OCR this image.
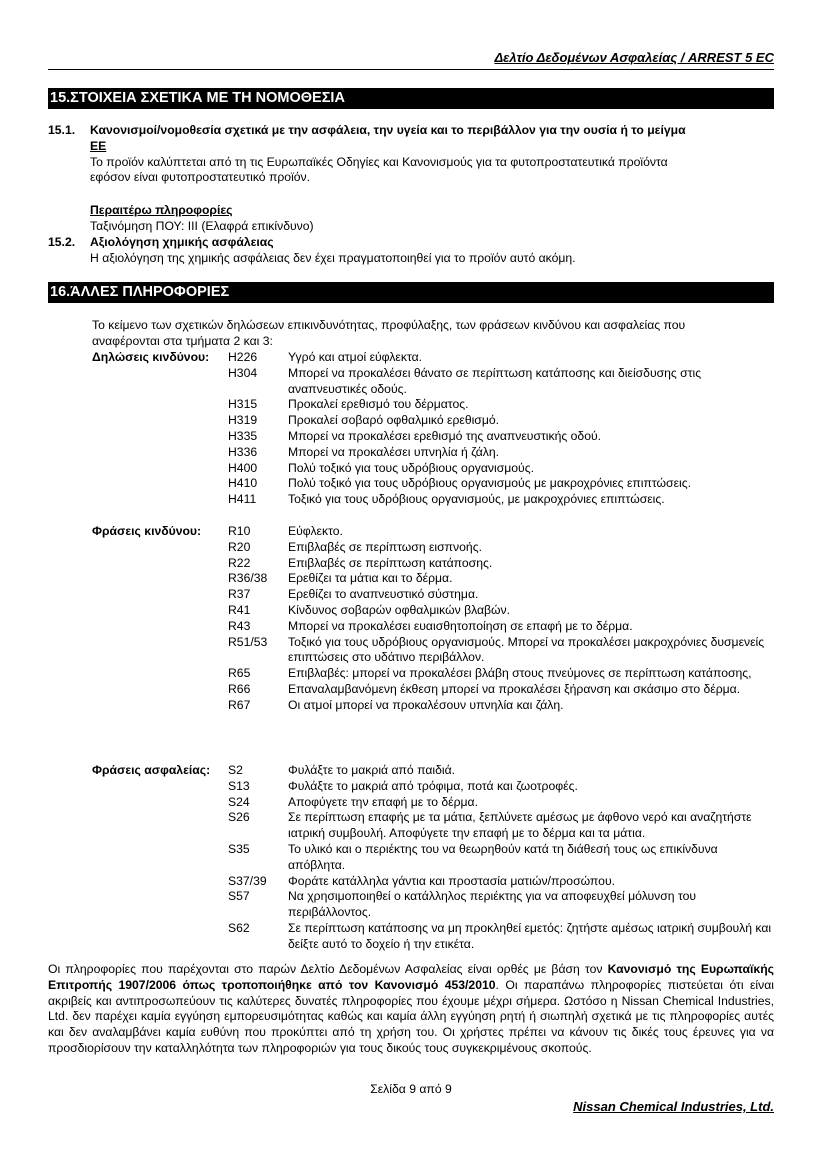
Δελτίο Δεδομένων Ασφαλείας / ARREST 5 EC
15.ΣΤΟΙΧΕΙΑ ΣΧΕΤΙΚΑ ΜΕ ΤΗ ΝΟΜΟΘΕΣΙΑ
15.1. Κανονισμοί/νομοθεσία σχετικά με την ασφάλεια, την υγεία και το περιβάλλον για την ουσία ή το μείγμα
ΕΕ
Το προϊόν καλύπτεται από τη τις Ευρωπαϊκές Οδηγίες και Κανονισμούς για τα φυτοπροστατευτικά προϊόντα
εφόσον είναι φυτοπροστατευτικό προϊόν.
Περαιτέρω πληροφορίες
Ταξινόμηση ΠΟΥ: III (Ελαφρά επικίνδυνο)
15.2. Αξιολόγηση χημικής ασφάλειας
Η αξιολόγηση της χημικής ασφάλειας δεν έχει πραγματοποιηθεί για το προϊόν αυτό ακόμη.
16.ΆΛΛΕΣ ΠΛΗΡΟΦΟΡΙΕΣ
Το κείμενο των σχετικών δηλώσεων επικινδυνότητας, προφύλαξης, των φράσεων κινδύνου και ασφαλείας που
αναφέρονται στα τμήματα 2 και 3:
Δηλώσεις κινδύνου:	H226	Υγρό και ατμοί εύφλεκτα.
H304	Μπορεί να προκαλέσει θάνατο σε περίπτωση κατάποσης και διείσδυσης στις αναπνευστικές οδούς.
H315	Προκαλεί ερεθισμό του δέρματος.
H319	Προκαλεί σοβαρό οφθαλμικό ερεθισμό.
H335	Μπορεί να προκαλέσει ερεθισμό της αναπνευστικής οδού.
H336	Μπορεί να προκαλέσει υπνηλία ή ζάλη.
H400	Πολύ τοξικό για τους υδρόβιους οργανισμούς.
H410	Πολύ τοξικό για τους υδρόβιους οργανισμούς με μακροχρόνιες επιπτώσεις.
H411	Τοξικό για τους υδρόβιους οργανισμούς, με μακροχρόνιες επιπτώσεις.
Φράσεις κινδύνου:	R10	Εύφλεκτο.
R20	Επιβλαβές σε περίπτωση εισπνοής.
R22	Επιβλαβές σε περίπτωση κατάποσης.
R36/38	Ερεθίζει τα μάτια και το δέρμα.
R37	Ερεθίζει το αναπνευστικό σύστημα.
R41	Κίνδυνος σοβαρών οφθαλμικών βλαβών.
R43	Μπορεί να προκαλέσει ευαισθητοποίηση σε επαφή με το δέρμα.
R51/53	Τοξικό για τους υδρόβιους οργανισμούς. Μπορεί να προκαλέσει μακροχρόνιες δυσμενείς επιπτώσεις στο υδάτινο περιβάλλον.
R65	Επιβλαβές: μπορεί να προκαλέσει βλάβη στους πνεύμονες σε περίπτωση κατάποσης,
R66	Επαναλαμβανόμενη έκθεση μπορεί να προκαλέσει ξήρανση και σκάσιμο στο δέρμα.
R67	Οι ατμοί μπορεί να προκαλέσουν υπνηλία και ζάλη.
Φράσεις ασφαλείας:	S2	Φυλάξτε το μακριά από παιδιά.
S13	Φυλάξτε το μακριά από τρόφιμα, ποτά και ζωοτροφές.
S24	Αποφύγετε την επαφή με το δέρμα.
S26	Σε περίπτωση επαφής με τα μάτια, ξεπλύνετε αμέσως με άφθονο νερό και αναζητήστε ιατρική συμβουλή. Αποφύγετε την επαφή με το δέρμα και τα μάτια.
S35	Το υλικό και ο περιέκτης του να θεωρηθούν κατά τη διάθεσή τους ως επικίνδυνα απόβλητα.
S37/39	Φοράτε κατάλληλα γάντια και προστασία ματιών/προσώπου.
S57	Να χρησιμοποιηθεί ο κατάλληλος περιέκτης για να αποφευχθεί μόλυνση του περιβάλλοντος.
S62	Σε περίπτωση κατάποσης να μη προκληθεί εμετός: ζητήστε αμέσως ιατρική συμβουλή και δείξτε αυτό το δοχείο ή την ετικέτα.
Οι πληροφορίες που παρέχονται στο παρών Δελτίο Δεδομένων Ασφαλείας είναι ορθές με βάση τον Κανονισμό της Ευρωπαϊκής Επιτροπής 1907/2006 όπως τροποποιήθηκε από τον Κανονισμό 453/2010. Οι παραπάνω πληροφορίες πιστεύεται ότι είναι ακριβείς και αντιπροσωπεύουν τις καλύτερες δυνατές πληροφορίες που έχουμε μέχρι σήμερα. Ωστόσο η Nissan Chemical Industries, Ltd. δεν παρέχει καμία εγγύηση εμπορευσιμότητας καθώς και καμία άλλη εγγύηση ρητή ή σιωπηλή σχετικά με τις πληροφορίες αυτές και δεν αναλαμβάνει καμία ευθύνη που προκύπτει από τη χρήση του. Οι χρήστες πρέπει να κάνουν τις δικές τους έρευνες για να προσδιορίσουν την καταλληλότητα των πληροφοριών για τους δικούς τους συγκεκριμένους σκοπούς.
Σελίδα 9 από 9
Nissan Chemical Industries, Ltd.
